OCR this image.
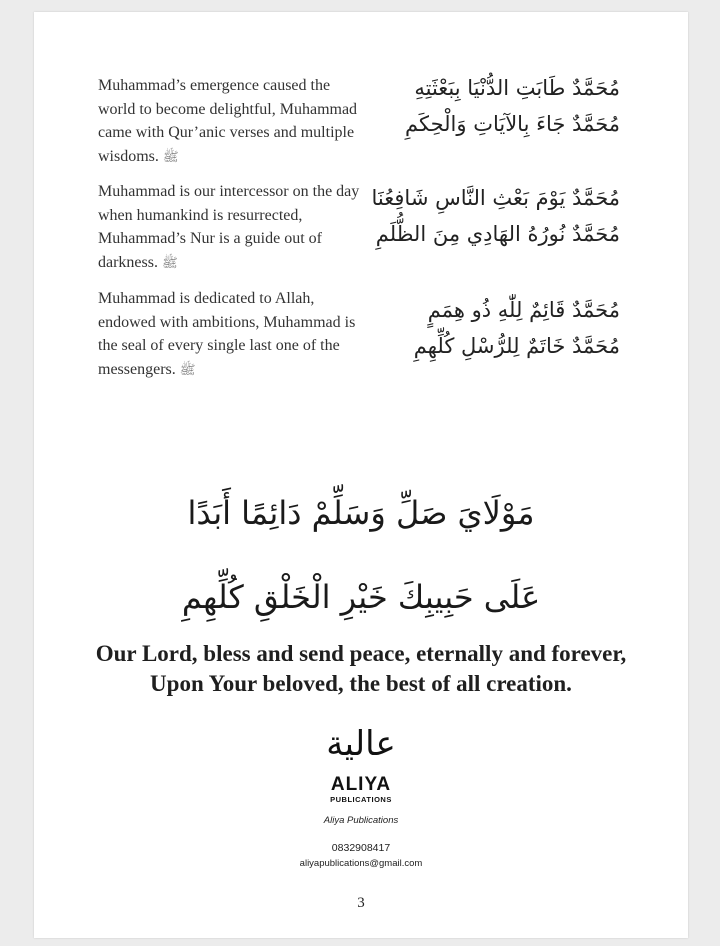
Muhammad’s emergence caused the world to become delightful, Muhammad came with Qur’anic verses and multiple wisdoms. ﷺ
مُحَمَّدٌ طَابَتِ الدُّنْيَا بِبَعْثَتِهِ
مُحَمَّدٌ جَاءَ بِالآيَاتِ وَالْحِكَمِ
Muhammad is our intercessor on the day when humankind is resurrected, Muhammad’s Nur is a guide out of darkness. ﷺ
مُحَمَّدٌ يَوْمَ بَعْثِ النَّاسِ شَافِعُنَا
مُحَمَّدٌ نُورُهُ الهَادِي مِنَ الظُّلَمِ
Muhammad is dedicated to Allah, endowed with ambitions, Muhammad is the seal of every single last one of the messengers. ﷺ
مُحَمَّدٌ قَائِمٌ لِلّٰهِ ذُو هِمَمٍ
مُحَمَّدٌ خَاتَمٌ لِلرُّسْلِ كُلِّهِمِ
مَوْلَايَ صَلِّ وَسَلِّمْ دَائِمًا أَبَدًا
عَلَى حَبِيبِكَ خَيْرِ الْخَلْقِ كُلِّهِمِ
Our Lord, bless and send peace, eternally and forever,
Upon Your beloved, the best of all creation.
عالية
ALIYA
PUBLICATIONS
Aliya Publications
0832908417
aliyapublications@gmail.com
3
